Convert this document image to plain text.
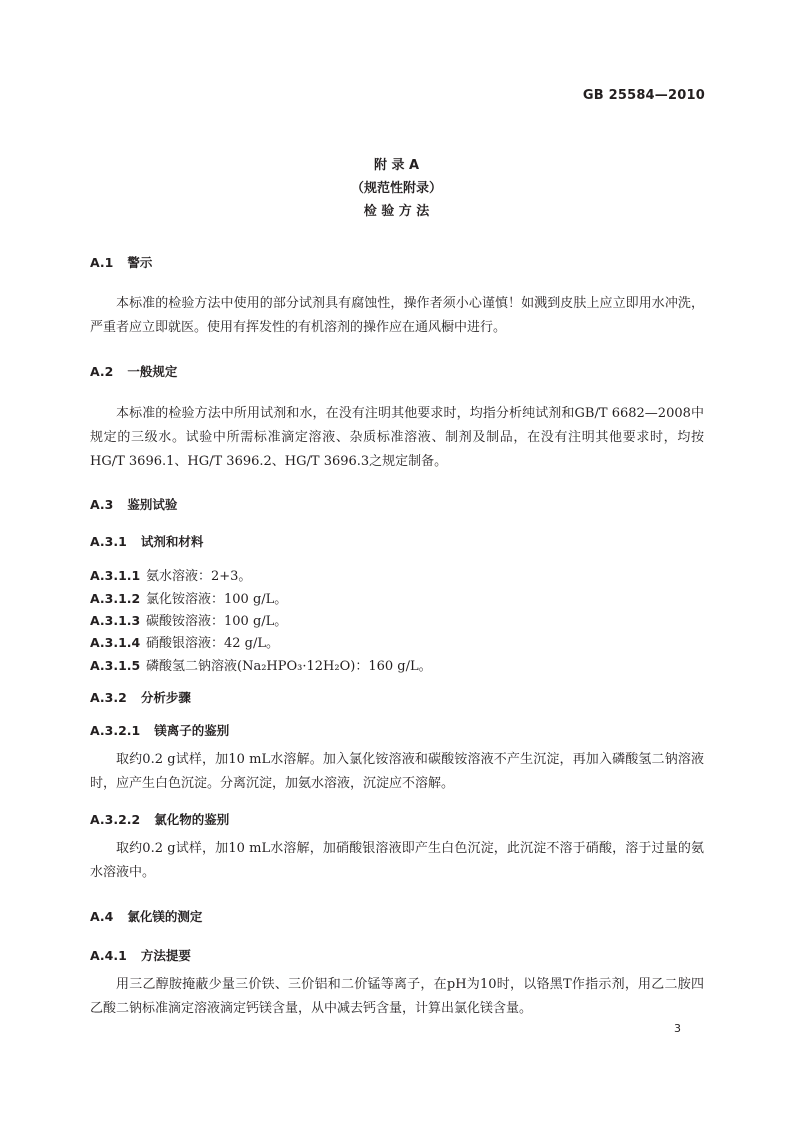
GB 25584—2010
附 录 A
（规范性附录）
检 验 方 法
A.1 警示
本标准的检验方法中使用的部分试剂具有腐蚀性，操作者须小心谨慎！如溅到皮肤上应立即用水冲洗，严重者应立即就医。使用有挥发性的有机溶剂的操作应在通风橱中进行。
A.2 一般规定
本标准的检验方法中所用试剂和水，在没有注明其他要求时，均指分析纯试剂和GB/T 6682—2008中规定的三级水。试验中所需标准滴定溶液、杂质标准溶液、制剂及制品，在没有注明其他要求时，均按HG/T 3696.1、HG/T 3696.2、HG/T 3696.3之规定制备。
A.3 鉴别试验
A.3.1 试剂和材料
A.3.1.1 氨水溶液：2+3。
A.3.1.2 氯化铵溶液：100 g/L。
A.3.1.3 碳酸铵溶液：100 g/L。
A.3.1.4 硝酸银溶液：42 g/L。
A.3.1.5 磷酸氢二钠溶液(Na₂HPO₃·12H₂O)：160 g/L。
A.3.2 分析步骤
A.3.2.1 镁离子的鉴别
取约0.2 g试样，加10 mL水溶解。加入氯化铵溶液和碳酸铵溶液不产生沉淀，再加入磷酸氢二钠溶液时，应产生白色沉淀。分离沉淀，加氨水溶液，沉淀应不溶解。
A.3.2.2 氯化物的鉴别
取约0.2 g试样，加10 mL水溶解，加硝酸银溶液即产生白色沉淀，此沉淀不溶于硝酸，溶于过量的氨水溶液中。
A.4 氯化镁的测定
A.4.1 方法提要
用三乙醇胺掩蔽少量三价铁、三价铝和二价锰等离子，在pH为10时，以铬黑T作指示剂，用乙二胺四乙酸二钠标准滴定溶液滴定钙镁含量，从中减去钙含量，计算出氯化镁含量。
3
